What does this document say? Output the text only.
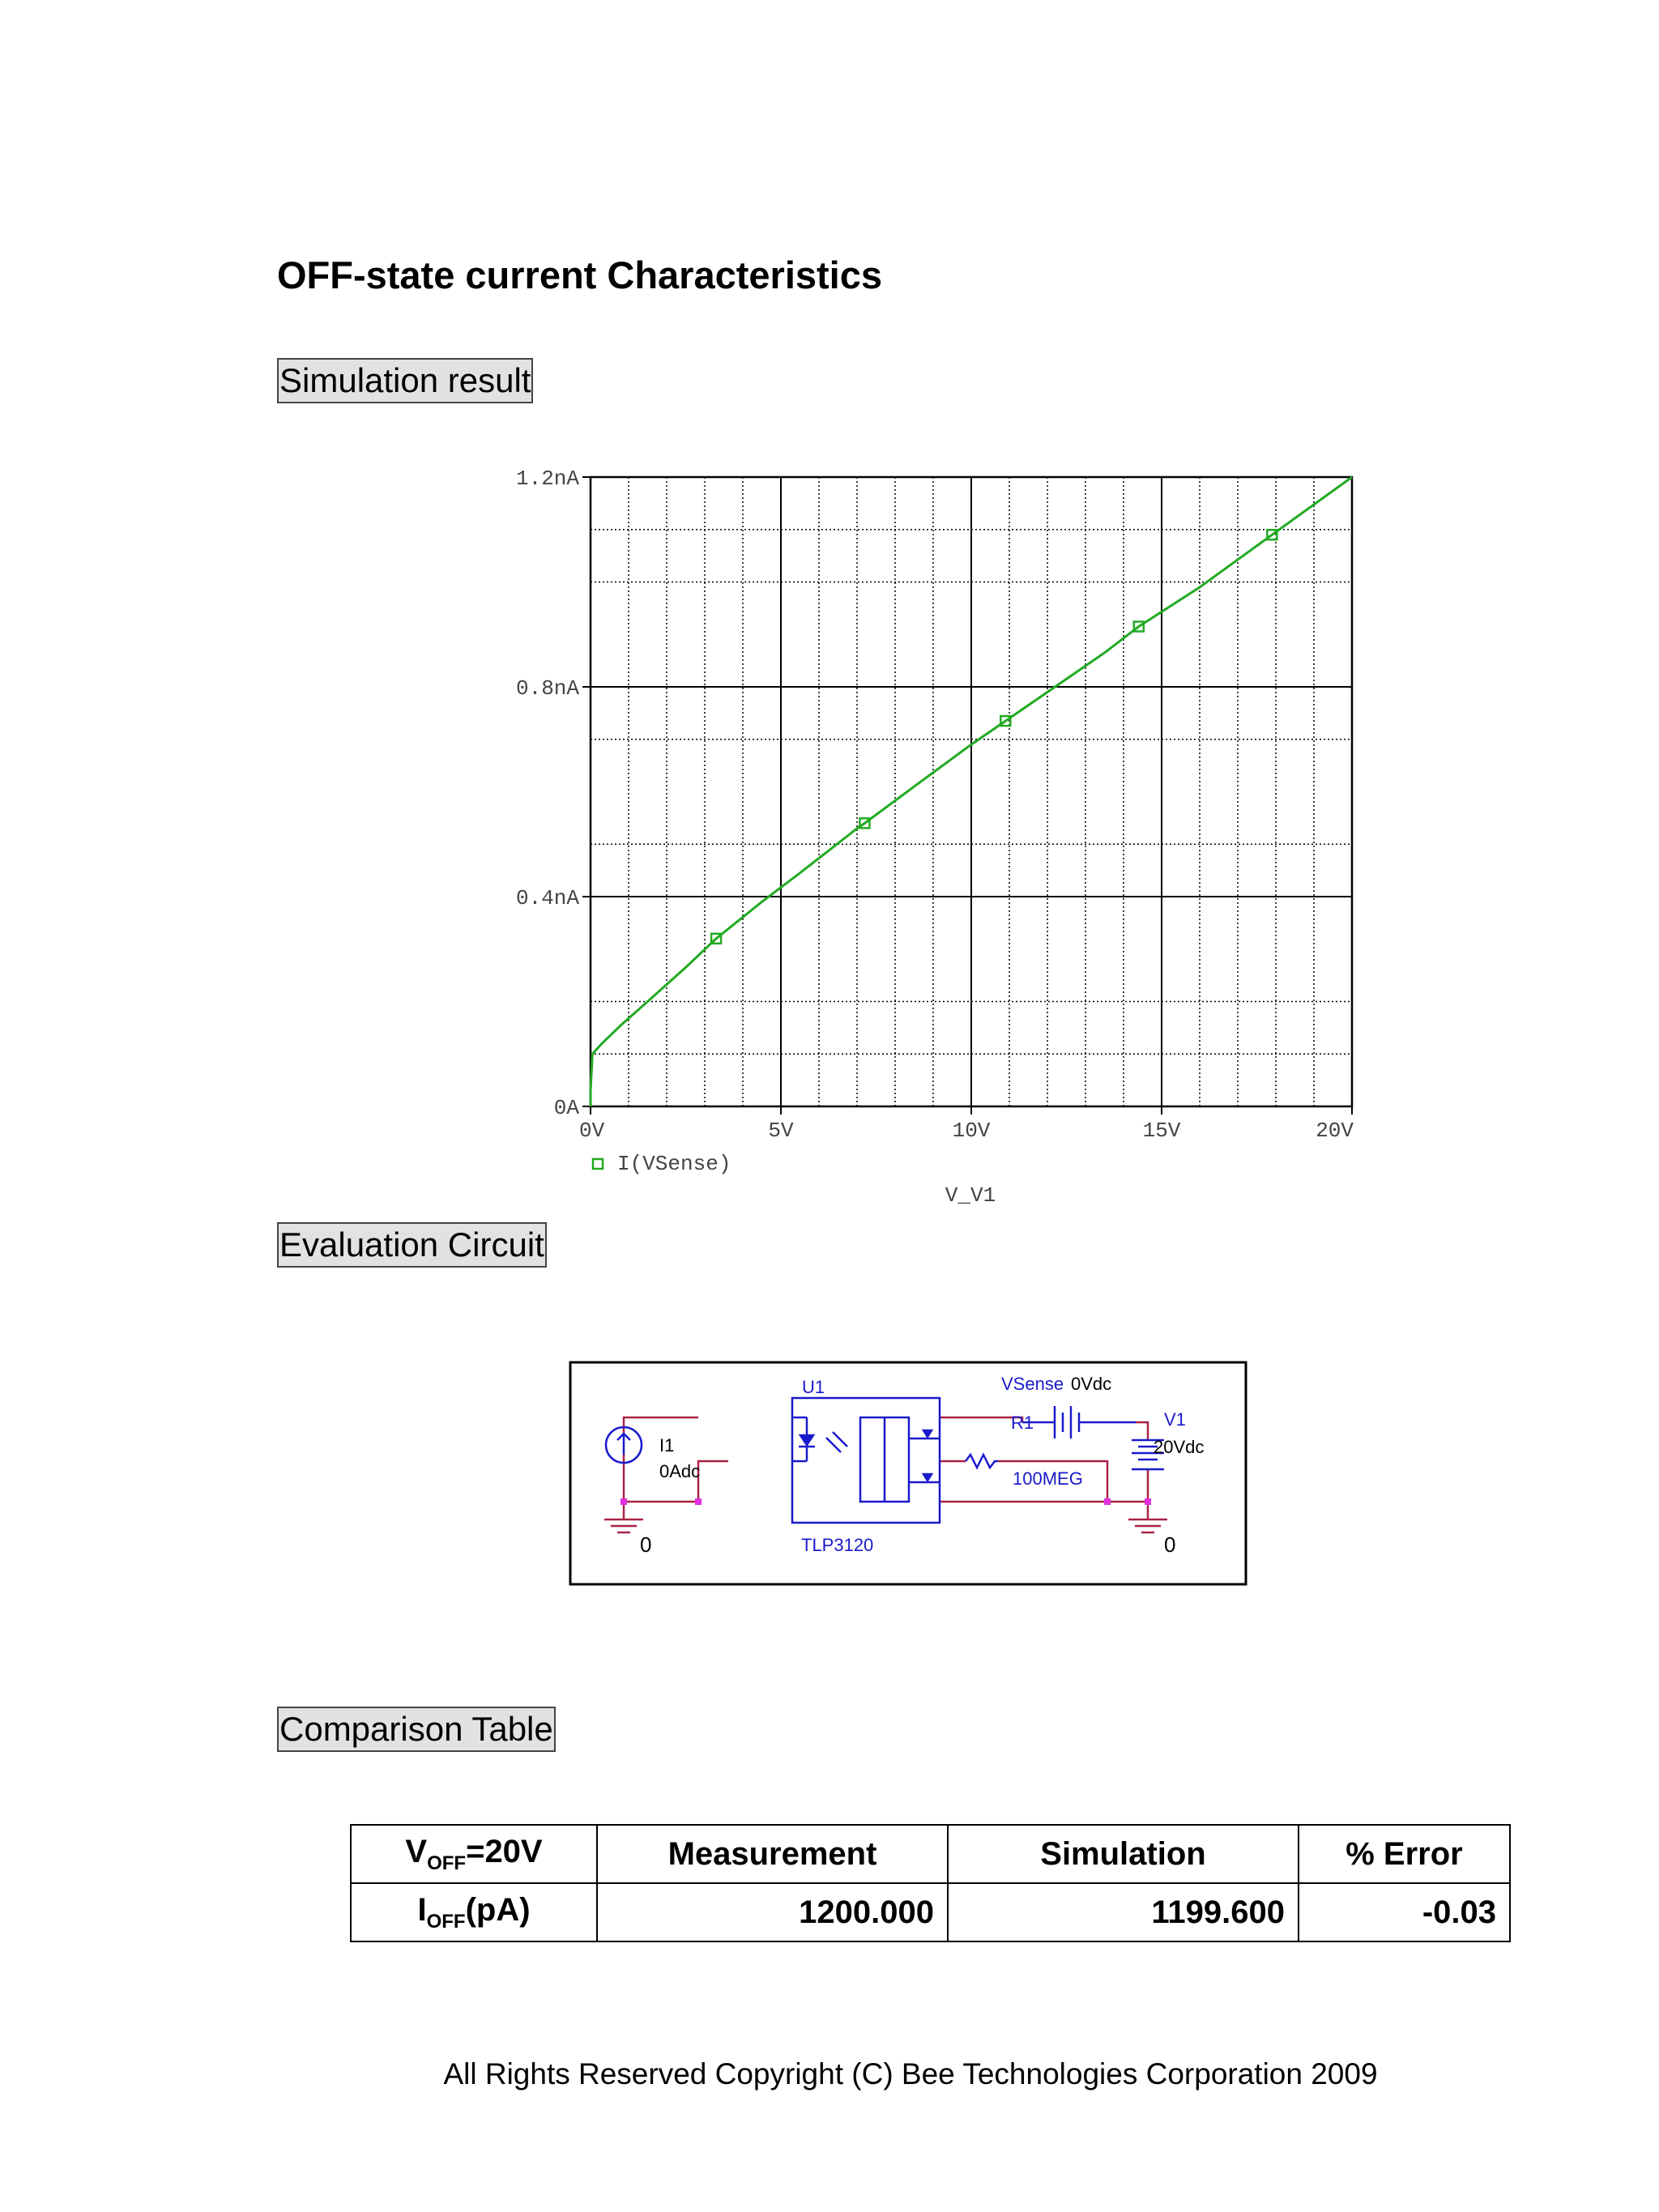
OFF-state current Characteristics
Simulation result
0A
0.4nA
0.8nA
1.2nA
0V	5V	10V	15V	20V
I(VSense)
V_V1
Evaluation Circuit
U1
TLP3120
VSense
R1
100MEG
V1
0Vdc
20Vdc
I1
0Adc
0	0
Comparison Table
$V_{OFF}=20V$	Measurement	Simulation	% Error
$I_{OFF}(pA)$	1200.000	1199.600	-0.03
All Rights Reserved Copyright (C) Bee Technologies Corporation 2009
